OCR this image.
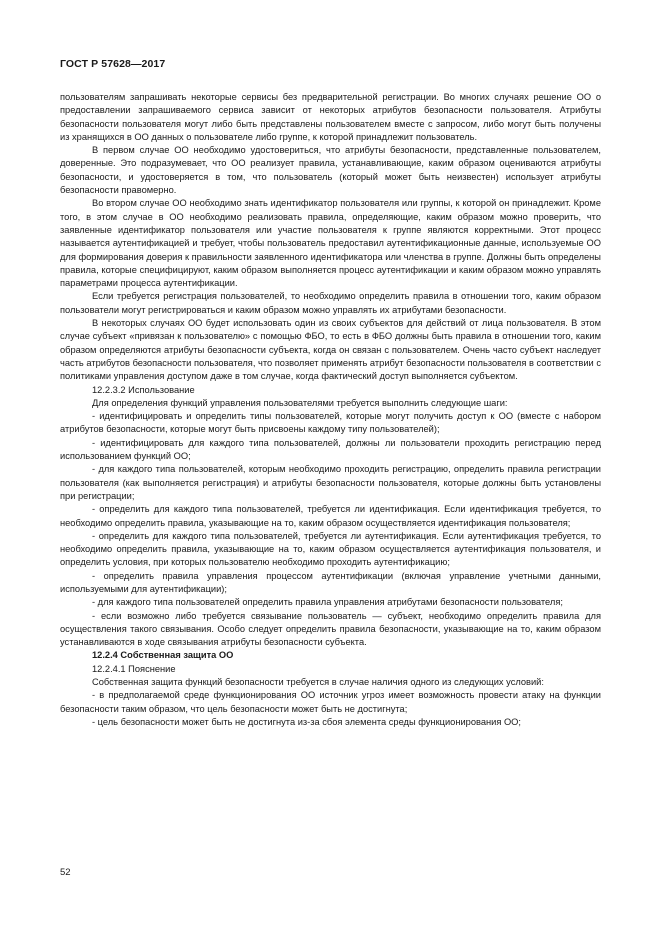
ГОСТ Р 57628—2017

пользователям запрашивать некоторые сервисы без предварительной регистрации. Во многих случаях решение ОО о предоставлении запрашиваемого сервиса зависит от некоторых атрибутов безопасности пользователя. Атрибуты безопасности пользователя могут либо быть представлены пользователем вместе с запросом, либо могут быть получены из хранящихся в ОО данных о пользователе либо группе, к которой принадлежит пользователь.

В первом случае ОО необходимо удостовериться, что атрибуты безопасности, представленные пользователем, доверенные. Это подразумевает, что ОО реализует правила, устанавливающие, каким образом оцениваются атрибуты безопасности, и удостоверяется в том, что пользователь (который может быть неизвестен) использует атрибуты безопасности правомерно.

Во втором случае ОО необходимо знать идентификатор пользователя или группы, к которой он принадлежит. Кроме того, в этом случае в ОО необходимо реализовать правила, определяющие, каким образом можно проверить, что заявленные идентификатор пользователя или участие пользователя к группе являются корректными. Этот процесс называется аутентификацией и требует, чтобы пользователь предоставил аутентификационные данные, используемые ОО для формирования доверия к правильности заявленного идентификатора или членства в группе. Должны быть определены правила, которые специфицируют, каким образом выполняется процесс аутентификации и каким образом можно управлять параметрами процесса аутентификации.

Если требуется регистрация пользователей, то необходимо определить правила в отношении того, каким образом пользователи могут регистрироваться и каким образом можно управлять их атрибутами безопасности.

В некоторых случаях ОО будет использовать один из своих субъектов для действий от лица пользователя. В этом случае субъект «привязан к пользователю» с помощью ФБО, то есть в ФБО должны быть правила в отношении того, каким образом определяются атрибуты безопасности субъекта, когда он связан с пользователем. Очень часто субъект наследует часть атрибутов безопасности пользователя, что позволяет применять атрибут безопасности пользователя в соответствии с политиками управления доступом даже в том случае, когда фактический доступ выполняется субъектом.

12.2.3.2 Использование

Для определения функций управления пользователями требуется выполнить следующие шаги:

- идентифицировать и определить типы пользователей, которые могут получить доступ к ОО (вместе с набором атрибутов безопасности, которые могут быть присвоены каждому типу пользователей);

- идентифицировать для каждого типа пользователей, должны ли пользователи проходить регистрацию перед использованием функций ОО;

- для каждого типа пользователей, которым необходимо проходить регистрацию, определить правила регистрации пользователя (как выполняется регистрация) и атрибуты безопасности пользователя, которые должны быть установлены при регистрации;

- определить для каждого типа пользователей, требуется ли идентификация. Если идентификация требуется, то необходимо определить правила, указывающие на то, каким образом осуществляется идентификация пользователя;

- определить для каждого типа пользователей, требуется ли аутентификация. Если аутентификация требуется, то необходимо определить правила, указывающие на то, каким образом осуществляется аутентификация пользователя, и определить условия, при которых пользователю необходимо проходить аутентификацию;

- определить правила управления процессом аутентификации (включая управление учетными данными, используемыми для аутентификации);

- для каждого типа пользователей определить правила управления атрибутами безопасности пользователя;

- если возможно либо требуется связывание пользователь — субъект, необходимо определить правила для осуществления такого связывания. Особо следует определить правила безопасности, указывающие на то, каким образом устанавливаются в ходе связывания атрибуты безопасности субъекта.

12.2.4 Собственная защита ОО

12.2.4.1 Пояснение

Собственная защита функций безопасности требуется в случае наличия одного из следующих условий:

- в предполагаемой среде функционирования ОО источник угроз имеет возможность провести атаку на функции безопасности таким образом, что цель безопасности может быть не достигнута;

- цель безопасности может быть не достигнута из-за сбоя элемента среды функционирования ОО;

52
